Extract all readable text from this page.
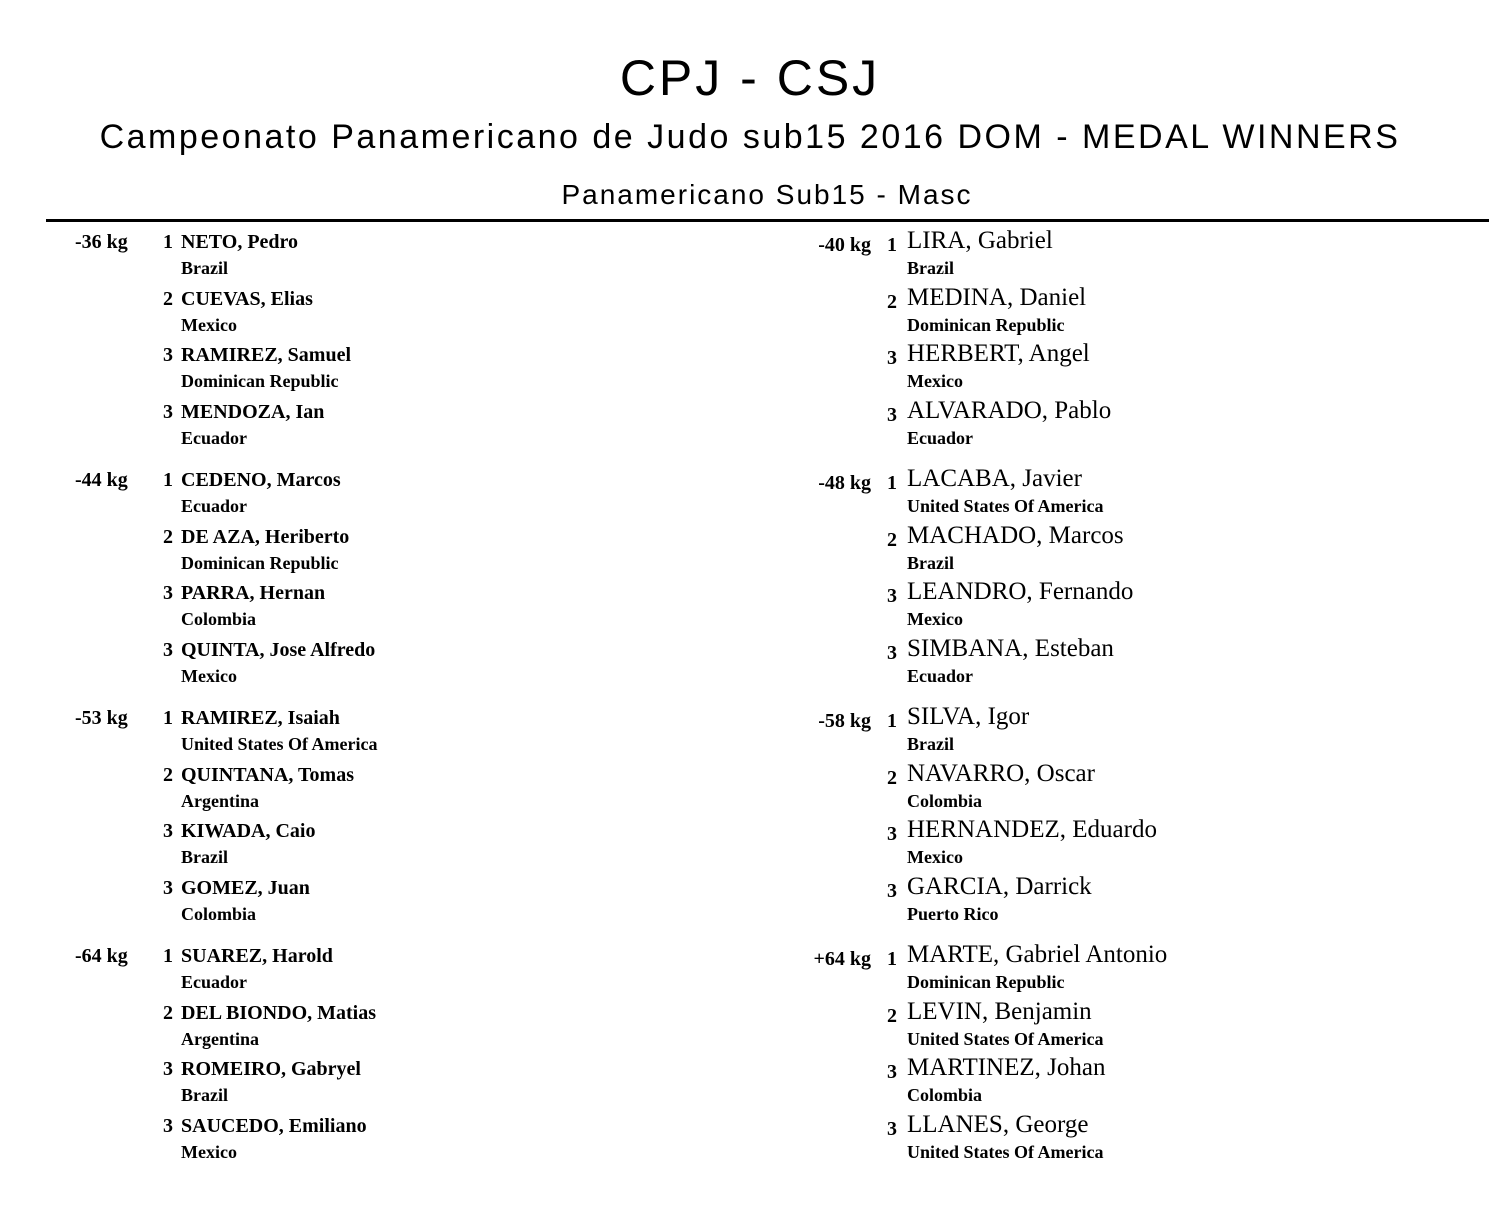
CPJ - CSJ
Campeonato Panamericano de Judo sub15 2016 DOM - MEDAL WINNERS
Panamericano Sub15 - Masc
-36 kg 1 NETO, Pedro
Brazil
2 CUEVAS, Elias
Mexico
3 RAMIREZ, Samuel
Dominican Republic
3 MENDOZA, Ian
Ecuador
-40 kg 1 LIRA, Gabriel
Brazil
2 MEDINA, Daniel
Dominican Republic
3 HERBERT, Angel
Mexico
3 ALVARADO, Pablo
Ecuador
-44 kg 1 CEDENO, Marcos
Ecuador
2 DE AZA, Heriberto
Dominican Republic
3 PARRA, Hernan
Colombia
3 QUINTA, Jose Alfredo
Mexico
-48 kg 1 LACABA, Javier
United States Of America
2 MACHADO, Marcos
Brazil
3 LEANDRO, Fernando
Mexico
3 SIMBANA, Esteban
Ecuador
-53 kg 1 RAMIREZ, Isaiah
United States Of America
2 QUINTANA, Tomas
Argentina
3 KIWADA, Caio
Brazil
3 GOMEZ, Juan
Colombia
-58 kg 1 SILVA, Igor
Brazil
2 NAVARRO, Oscar
Colombia
3 HERNANDEZ, Eduardo
Mexico
3 GARCIA, Darrick
Puerto Rico
-64 kg 1 SUAREZ, Harold
Ecuador
2 DEL BIONDO, Matias
Argentina
3 ROMEIRO, Gabryel
Brazil
3 SAUCEDO, Emiliano
Mexico
+64 kg 1 MARTE, Gabriel Antonio
Dominican Republic
2 LEVIN, Benjamin
United States Of America
3 MARTINEZ, Johan
Colombia
3 LLANES, George
United States Of America
